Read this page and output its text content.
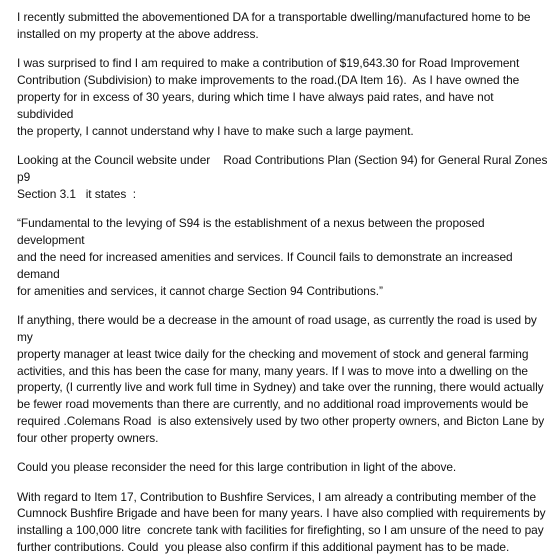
I recently submitted the abovementioned DA for a transportable dwelling/manufactured home to be
installed on my property at the above address.

I was surprised to find I am required to make a contribution of $19,643.30 for Road Improvement
Contribution (Subdivision) to make improvements to the road.(DA Item 16).  As I have owned the
property for in excess of 30 years, during which time I have always paid rates, and have not  subdivided
the property, I cannot understand why I have to make such a large payment.

Looking at the Council website under    Road Contributions Plan (Section 94) for General Rural Zones p9
Section 3.1   it states  :

“Fundamental to the levying of S94 is the establishment of a nexus between the proposed development
and the need for increased amenities and services. If Council fails to demonstrate an increased demand
for amenities and services, it cannot charge Section 94 Contributions.”

If anything, there would be a decrease in the amount of road usage, as currently the road is used by my
property manager at least twice daily for the checking and movement of stock and general farming
activities, and this has been the case for many, many years. If I was to move into a dwelling on the
property, (I currently live and work full time in Sydney) and take over the running, there would actually
be fewer road movements than there are currently, and no additional road improvements would be
required .Colemans Road  is also extensively used by two other property owners, and Bicton Lane by
four other property owners.

Could you please reconsider the need for this large contribution in light of the above.

With regard to Item 17, Contribution to Bushfire Services, I am already a contributing member of the
Cumnock Bushfire Brigade and have been for many years. I have also complied with requirements by
installing a 100,000 litre  concrete tank with facilities for firefighting, so I am unsure of the need to pay
further contributions. Could  you please also confirm if this additional payment has to be made.
